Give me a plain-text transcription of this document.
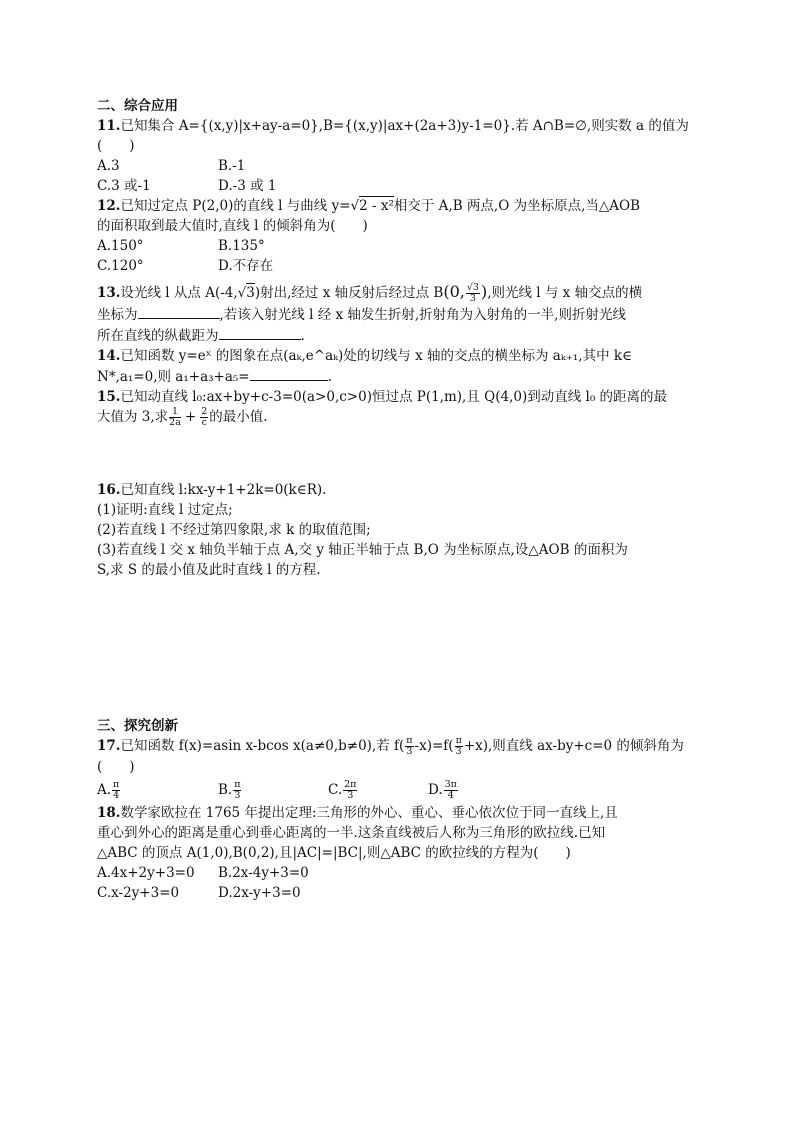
二、综合应用

11.已知集合 A={(x,y)|x+ay-a=0},B={(x,y)|ax+(2a+3)y-1=0}.若 A∩B=∅,则实数 a 的值为

(　　)

A.3	B.-1
C.3 或-1	D.-3 或 1

12.已知过定点 P(2,0)的直线 l 与曲线 y=√2 - x²相交于 A,B 两点,O 为坐标原点,当△AOB

的面积取到最大值时,直线 l 的倾斜角为(　　)

A.150°	B.135°
C.120°	D.不存在

13.设光线 l 从点 A(-4,√3)射出,经过 x 轴反射后经过点 B(0, $\frac{√3}{3}$ ),则光线 l 与 x 轴交点的横

坐标为	,若该入射光线 l 经 x 轴发生折射,折射角为入射角的一半,则折射光线

所在直线的纵截距为	.

14.已知函数 y=eˣ 的图象在点(aₖ,e^aₖ)处的切线与 x 轴的交点的横坐标为 aₖ₊₁,其中 k∈

N*,a₁=0,则 a₁+a₃+a₅=	.

15.已知动直线 l₀:ax+by+c-3=0(a>0,c>0)恒过点 P(1,m),且 Q(4,0)到动直线 l₀ 的距离的最

大值为 3,求 $\frac{1}{2a} + \frac{2}{c}$ 的最小值.

16.已知直线 l:kx-y+1+2k=0(k∈R).

(1)证明:直线 l 过定点;

(2)若直线 l 不经过第四象限,求 k 的取值范围;

(3)若直线 l 交 x 轴负半轴于点 A,交 y 轴正半轴于点 B,O 为坐标原点,设△AOB 的面积为

S,求 S 的最小值及此时直线 l 的方程.

三、探究创新

17.已知函数 f(x)=asin x-bcos x(a≠0,b≠0),若 $f( \frac{\pi}{3} -x)=f( \frac{\pi}{3} +x)$,则直线 ax-by+c=0 的倾斜角为

(　　)

A. $\frac{\pi}{4}$	B. $\frac{\pi}{3}$	C. $\frac{2\pi}{3}$	D. $\frac{3\pi}{4}$

18.数学家欧拉在 1765 年提出定理:三角形的外心、重心、垂心依次位于同一直线上,且

重心到外心的距离是重心到垂心距离的一半.这条直线被后人称为三角形的欧拉线.已知

△ABC 的顶点 A(1,0),B(0,2),且|AC|=|BC|,则△ABC 的欧拉线的方程为(　　)

A.4x+2y+3=0	B.2x-4y+3=0
C.x-2y+3=0	D.2x-y+3=0
